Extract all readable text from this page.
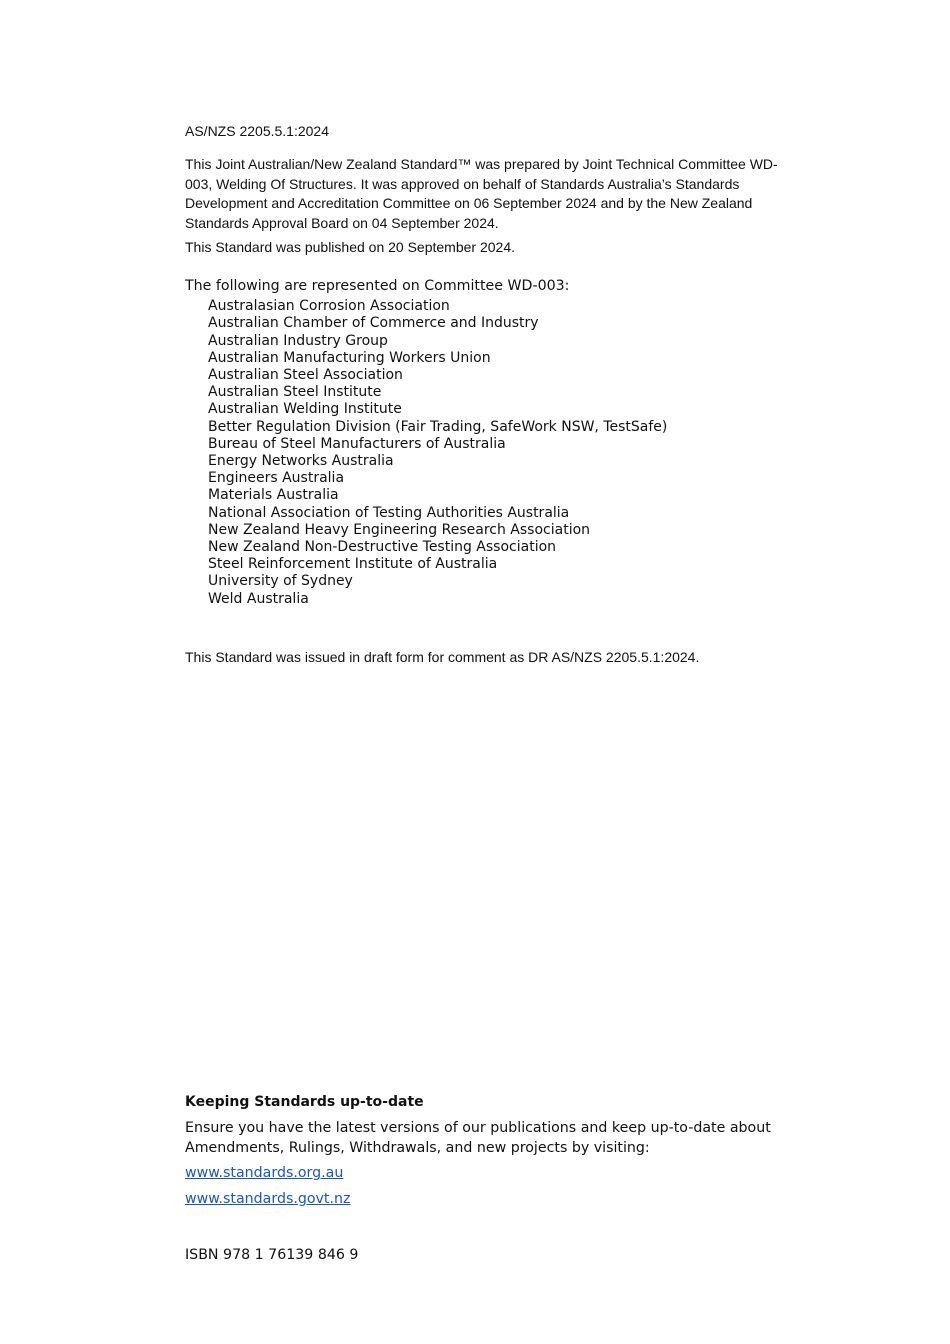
AS/NZS 2205.5.1:2024

This Joint Australian/New Zealand Standard™ was prepared by Joint Technical Committee WD-003, Welding Of Structures. It was approved on behalf of Standards Australia’s Standards Development and Accreditation Committee on 06 September 2024 and by the New Zealand Standards Approval Board on 04 September 2024.

This Standard was published on 20 September 2024.

The following are represented on Committee WD-003:

Australasian Corrosion Association
Australian Chamber of Commerce and Industry
Australian Industry Group
Australian Manufacturing Workers Union
Australian Steel Association
Australian Steel Institute
Australian Welding Institute
Better Regulation Division (Fair Trading, SafeWork NSW, TestSafe)
Bureau of Steel Manufacturers of Australia
Energy Networks Australia
Engineers Australia
Materials Australia
National Association of Testing Authorities Australia
New Zealand Heavy Engineering Research Association
New Zealand Non-Destructive Testing Association
Steel Reinforcement Institute of Australia
University of Sydney
Weld Australia

This Standard was issued in draft form for comment as DR AS/NZS 2205.5.1:2024.

Keeping Standards up-to-date

Ensure you have the latest versions of our publications and keep up-to-date about Amendments, Rulings, Withdrawals, and new projects by visiting:

www.standards.org.au
www.standards.govt.nz

ISBN 978 1 76139 846 9
